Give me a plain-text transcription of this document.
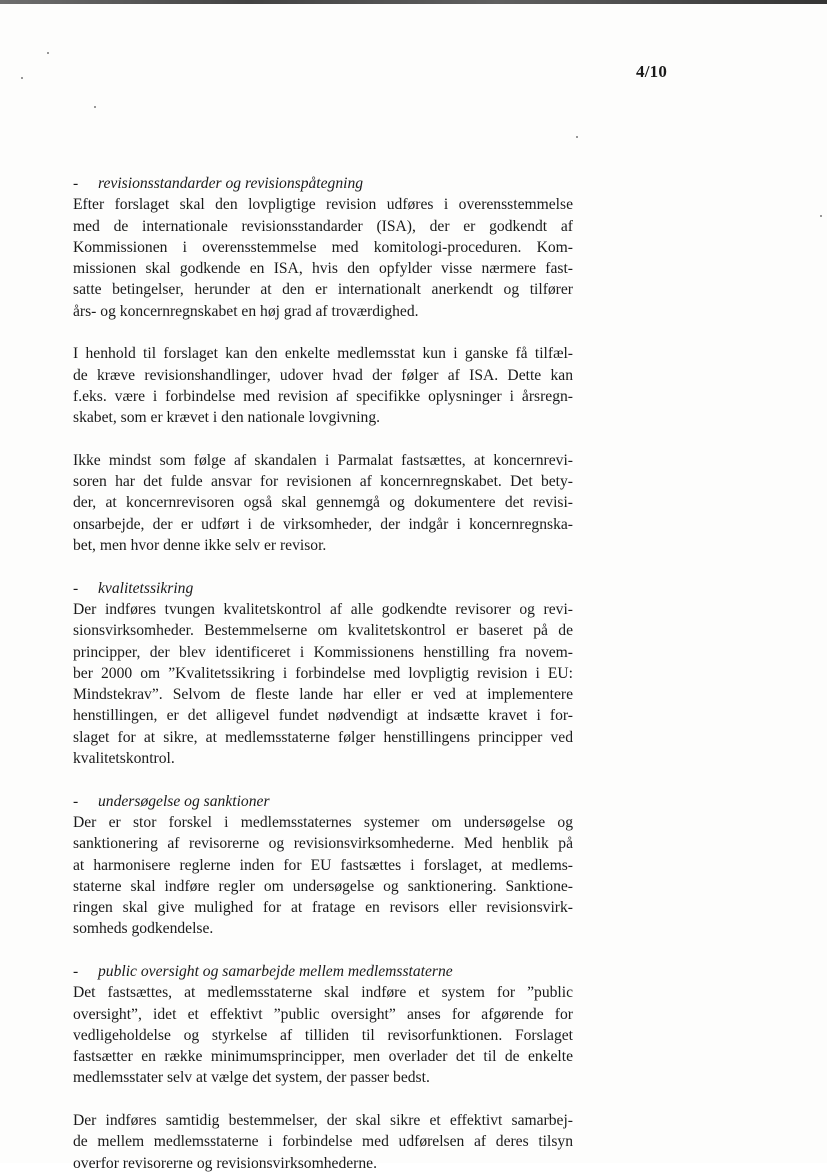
4/10
- revisionsstandarder og revisionspåtegning
Efter forslaget skal den lovpligtige revision udføres i overensstemmelse
med de internationale revisionsstandarder (ISA), der er godkendt af
Kommissionen i overensstemmelse med komitologi-proceduren. Kom-
missionen skal godkende en ISA, hvis den opfylder visse nærmere fast-
satte betingelser, herunder at den er internationalt anerkendt og tilfører
års- og koncernregnskabet en høj grad af troværdighed.
I henhold til forslaget kan den enkelte medlemsstat kun i ganske få tilfæl-
de kræve revisionshandlinger, udover hvad der følger af ISA. Dette kan
f.eks. være i forbindelse med revision af specifikke oplysninger i årsregn-
skabet, som er krævet i den nationale lovgivning.
Ikke mindst som følge af skandalen i Parmalat fastsættes, at koncernrevi-
soren har det fulde ansvar for revisionen af koncernregnskabet. Det bety-
der, at koncernrevisoren også skal gennemgå og dokumentere det revisi-
onsarbejde, der er udført i de virksomheder, der indgår i koncernregnska-
bet, men hvor denne ikke selv er revisor.
- kvalitetssikring
Der indføres tvungen kvalitetskontrol af alle godkendte revisorer og revi-
sionsvirksomheder. Bestemmelserne om kvalitetskontrol er baseret på de
principper, der blev identificeret i Kommissionens henstilling fra novem-
ber 2000 om ”Kvalitetssikring i forbindelse med lovpligtig revision i EU:
Mindstekrav”. Selvom de fleste lande har eller er ved at implementere
henstillingen, er det alligevel fundet nødvendigt at indsætte kravet i for-
slaget for at sikre, at medlemsstaterne følger henstillingens principper ved
kvalitetskontrol.
- undersøgelse og sanktioner
Der er stor forskel i medlemsstaternes systemer om undersøgelse og
sanktionering af revisorerne og revisionsvirksomhederne. Med henblik på
at harmonisere reglerne inden for EU fastsættes i forslaget, at medlems-
staterne skal indføre regler om undersøgelse og sanktionering. Sanktione-
ringen skal give mulighed for at fratage en revisors eller revisionsvirk-
somheds godkendelse.
- public oversight og samarbejde mellem medlemsstaterne
Det fastsættes, at medlemsstaterne skal indføre et system for ”public
oversight”, idet et effektivt ”public oversight” anses for afgørende for
vedligeholdelse og styrkelse af tilliden til revisorfunktionen. Forslaget
fastsætter en række minimumsprincipper, men overlader det til de enkelte
medlemsstater selv at vælge det system, der passer bedst.
Der indføres samtidig bestemmelser, der skal sikre et effektivt samarbej-
de mellem medlemsstaterne i forbindelse med udførelsen af deres tilsyn
overfor revisorerne og revisionsvirksomhederne.
